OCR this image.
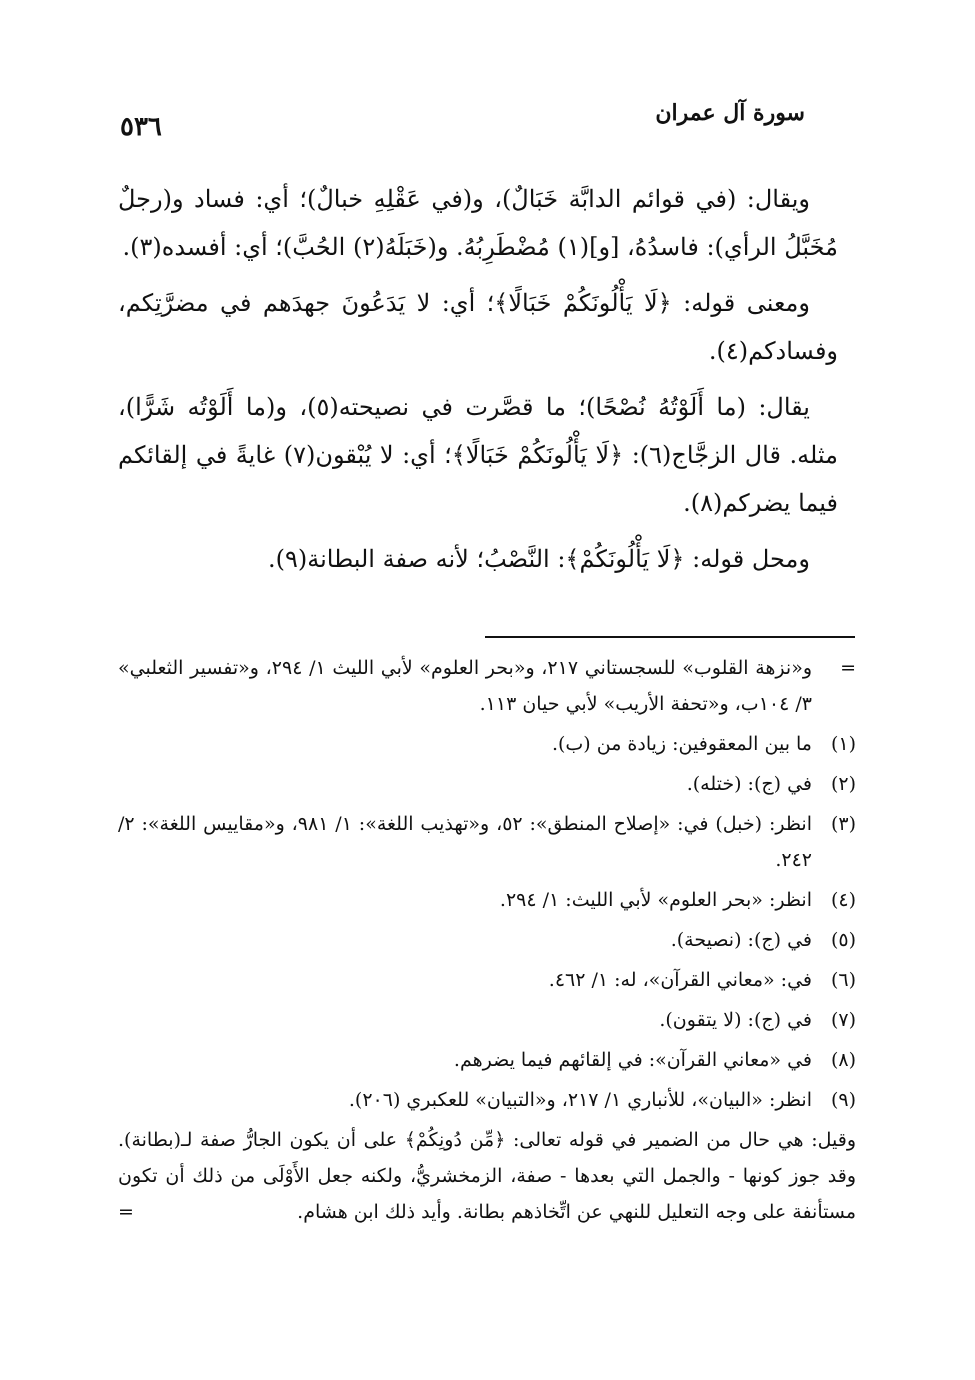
٥٣٦	سورة آل عمران

ويقال: (في قوائم الدابَّة خَبَالٌ)، و(في عَقْلِهِ خبالٌ)؛ أي: فساد و(رجلٌ مُخَبَّلُ الرأي): فاسدُهُ، [و](١) مُضْطَرِبُهُ. و(خَبَلَهُ(٢) الحُبَّ)؛ أي: أفسده(٣).

ومعنى قوله: ﴿لَا يَأْلُونَكُمْ خَبَالًا﴾؛ أي: لا يَدَعُونَ جهدَهم في مضرَّتِكم، وفسادكم(٤).

يقال: (ما أَلَوْتُهُ نُصْحًا)؛ ما قصَّرت في نصيحته(٥)، و(ما أَلَوْتُه شَرًّا)، مثله. قال الزجَّاج(٦): ﴿لَا يَأْلُونَكُمْ خَبَالًا﴾؛ أي: لا يُبْقون(٧) غايةً في إلقائكم فيما يضركم(٨).

ومحل قوله: ﴿لَا يَأْلُونَكُمْ﴾: النَّصْبُ؛ لأنه صفة البطانة(٩).

=
و«نزهة القلوب» للسجستاني ٢١٧، و«بحر العلوم» لأبي الليث ١/ ٢٩٤، و«تفسير الثعلبي» ٣/ ١٠٤ب، و«تحفة الأريب» لأبي حيان ١١٣.
(١)
ما بين المعقوفين: زيادة من (ب).
(٢)
في (ج): (ختله).
(٣)
انظر: (خبل) في: «إصلاح المنطق»: ٥٢، و«تهذيب اللغة»: ١/ ٩٨١، و«مقاييس اللغة»: ٢/ ٢٤٢.
(٤)
انظر: «بحر العلوم» لأبي الليث: ١/ ٢٩٤.
(٥)
في (ج): (نصيحة).
(٦)
في: «معاني القرآن»، له: ١/ ٤٦٢.
(٧)
في (ج): (لا يتقون).
(٨)
في «معاني القرآن»: في إلقائهم فيما يضرهم.
(٩)
انظر: «البيان»، للأنباري ١/ ٢١٧، و«التبيان» للعكبري (٢٠٦).
وقيل: هي حال من الضمير في قوله تعالى: ﴿مِّن دُونِكُمْ﴾ على أن يكون الجارُّ صفة لـ(بطانة). وقد جوز كونها - والجمل التي بعدها - صفة، الزمخشريُّ، ولكنه جعل الأَوْلَى من ذلك أن تكون مستأنفة على وجه التعليل للنهي عن اتِّخاذهم بطانة. وأيد ذلك ابن هشام.
=
